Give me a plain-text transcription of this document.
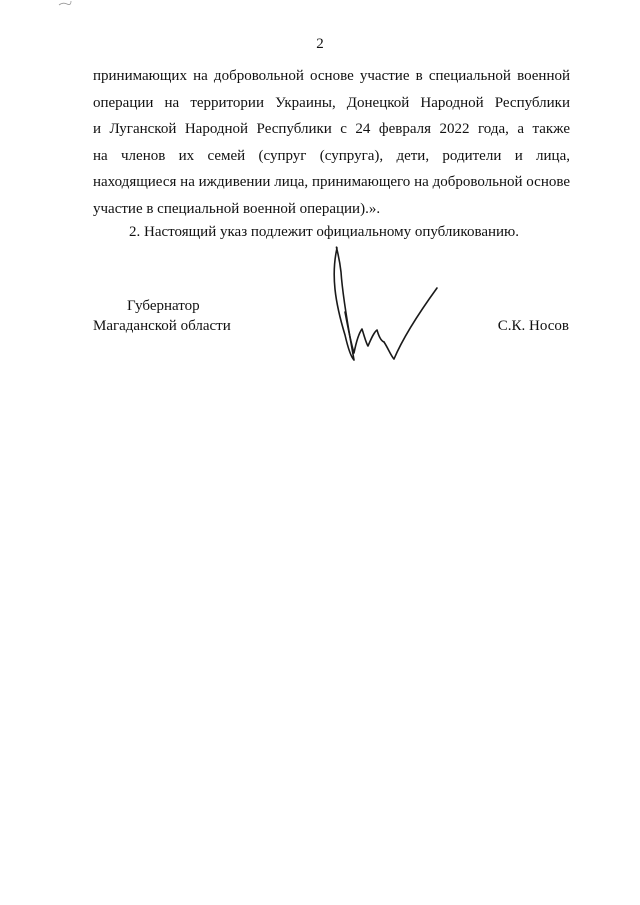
2
принимающих на добровольной основе участие в специальной военной
операции на территории Украины, Донецкой Народной Республики
и Луганской Народной Республики с 24 февраля 2022 года, а также
на членов их семей (супруг (супруга), дети, родители и лица,
находящиеся на иждивении лица, принимающего на добровольной основе
участие в специальной военной операции).».
2. Настоящий указ подлежит официальному опубликованию.
Губернатор
Магаданской области	С.К. Носов
